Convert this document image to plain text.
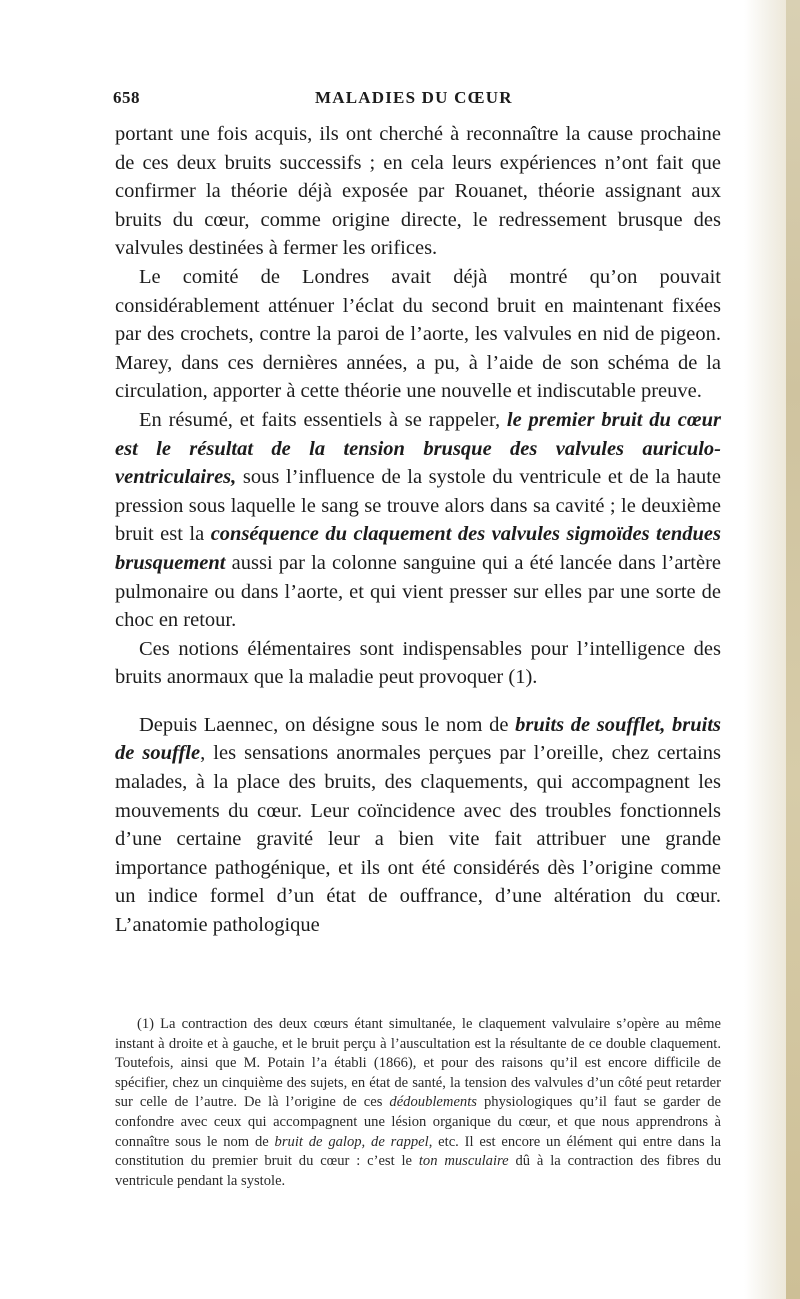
658	MALADIES DU CŒUR

portant une fois acquis, ils ont cherché à reconnaître la cause prochaine de ces deux bruits successifs ; en cela leurs expériences n’ont fait que confirmer la théorie déjà exposée par Rouanet, théorie assignant aux bruits du cœur, comme origine directe, le redressement brusque des valvules destinées à fermer les orifices.

Le comité de Londres avait déjà montré qu’on pouvait considérablement atténuer l’éclat du second bruit en maintenant fixées par des crochets, contre la paroi de l’aorte, les valvules en nid de pigeon. Marey, dans ces dernières années, a pu, à l’aide de son schéma de la circulation, apporter à cette théorie une nouvelle et indiscutable preuve.

En résumé, et faits essentiels à se rappeler, le premier bruit du cœur est le résultat de la tension brusque des valvules auriculo-ventriculaires, sous l’influence de la systole du ventricule et de la haute pression sous laquelle le sang se trouve alors dans sa cavité ; le deuxième bruit est la conséquence du claquement des valvules sigmoïdes tendues brusquement aussi par la colonne sanguine qui a été lancée dans l’artère pulmonaire ou dans l’aorte, et qui vient presser sur elles par une sorte de choc en retour.

Ces notions élémentaires sont indispensables pour l’intelligence des bruits anormaux que la maladie peut provoquer (1).

Depuis Laennec, on désigne sous le nom de bruits de soufflet, bruits de souffle, les sensations anormales perçues par l’oreille, chez certains malades, à la place des bruits, des claquements, qui accompagnent les mouvements du cœur. Leur coïncidence avec des troubles fonctionnels d’une certaine gravité leur a bien vite fait attribuer une grande importance pathogénique, et ils ont été considérés dès l’origine comme un indice formel d’un état de ouffrance, d’une altération du cœur. L’anatomie pathologique

(1) La contraction des deux cœurs étant simultanée, le claquement valvulaire s’opère au même instant à droite et à gauche, et le bruit perçu à l’auscultation est la résultante de ce double claquement. Toutefois, ainsi que M. Potain l’a établi (1866), et pour des raisons qu’il est encore difficile de spécifier, chez un cinquième des sujets, en état de santé, la tension des valvules d’un côté peut retarder sur celle de l’autre. De là l’origine de ces dédoublements physiologiques qu’il faut se garder de confondre avec ceux qui accompagnent une lésion organique du cœur, et que nous apprendrons à connaître sous le nom de bruit de galop, de rappel, etc. Il est encore un élément qui entre dans la constitution du premier bruit du cœur : c’est le ton musculaire dû à la contraction des fibres du ventricule pendant la systole.
